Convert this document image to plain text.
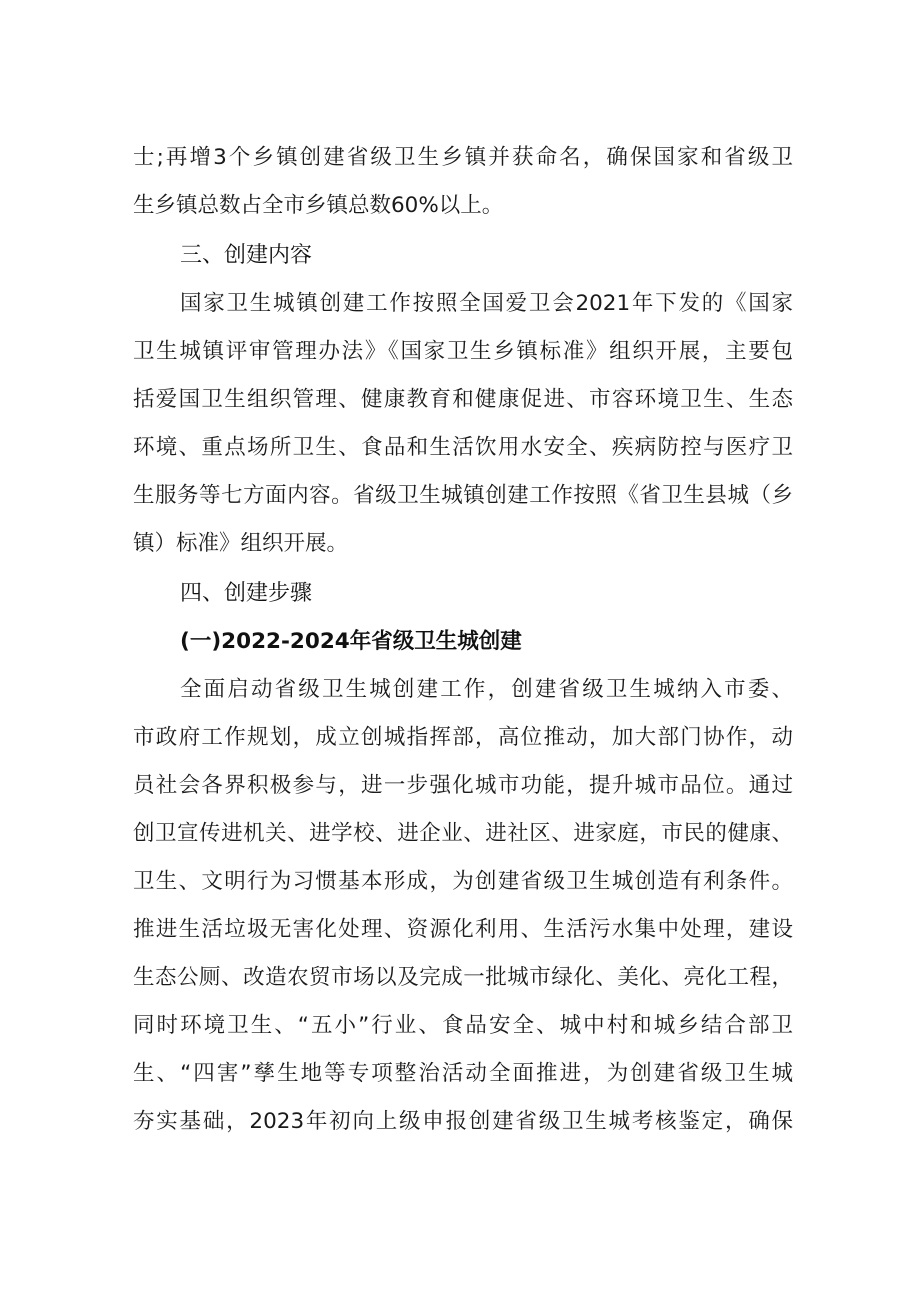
士;再增3个乡镇创建省级卫生乡镇并获命名，确保国家和省级卫
生乡镇总数占全市乡镇总数60%以上。
三、创建内容
国家卫生城镇创建工作按照全国爱卫会2021年下发的《国家
卫生城镇评审管理办法》《国家卫生乡镇标准》组织开展，主要包
括爱国卫生组织管理、健康教育和健康促进、市容环境卫生、生态
环境、重点场所卫生、食品和生活饮用水安全、疾病防控与医疗卫
生服务等七方面内容。省级卫生城镇创建工作按照《省卫生县城（乡
镇）标准》组织开展。
四、创建步骤
(一)2022-2024年省级卫生城创建
全面启动省级卫生城创建工作，创建省级卫生城纳入市委、
市政府工作规划，成立创城指挥部，高位推动，加大部门协作，动
员社会各界积极参与，进一步强化城市功能，提升城市品位。通过
创卫宣传进机关、进学校、进企业、进社区、进家庭，市民的健康、
卫生、文明行为习惯基本形成，为创建省级卫生城创造有利条件。
推进生活垃圾无害化处理、资源化利用、生活污水集中处理，建设
生态公厕、改造农贸市场以及完成一批城市绿化、美化、亮化工程，
同时环境卫生、“五小”行业、食品安全、城中村和城乡结合部卫
生、“四害”孳生地等专项整治活动全面推进，为创建省级卫生城
夯实基础，2023年初向上级申报创建省级卫生城考核鉴定，确保
